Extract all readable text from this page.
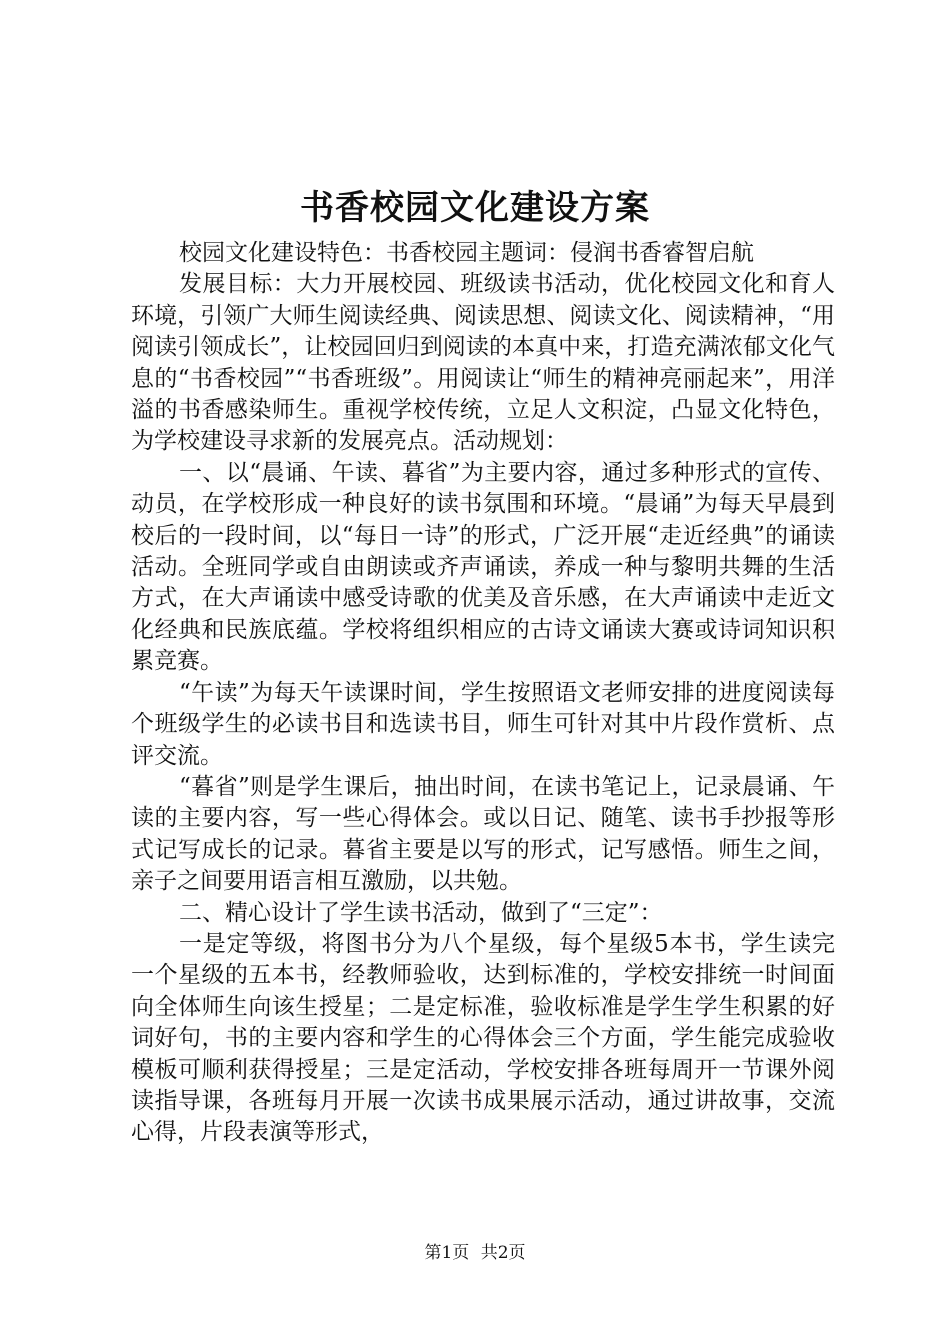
书香校园文化建设方案

校园文化建设特色：书香校园主题词：侵润书香睿智启航

发展目标：大力开展校园、班级读书活动，优化校园文化和育人环境，引领广大师生阅读经典、阅读思想、阅读文化、阅读精神，“用阅读引领成长”，让校园回归到阅读的本真中来，打造充满浓郁文化气息的“书香校园”“书香班级”。用阅读让“师生的精神亮丽起来”，用洋溢的书香感染师生。重视学校传统，立足人文积淀，凸显文化特色，为学校建设寻求新的发展亮点。活动规划：

一、以“晨诵、午读、暮省”为主要内容，通过多种形式的宣传、动员，在学校形成一种良好的读书氛围和环境。“晨诵”为每天早晨到校后的一段时间，以“每日一诗”的形式，广泛开展“走近经典”的诵读活动。全班同学或自由朗读或齐声诵读，养成一种与黎明共舞的生活方式，在大声诵读中感受诗歌的优美及音乐感，在大声诵读中走近文化经典和民族底蕴。学校将组织相应的古诗文诵读大赛或诗词知识积累竞赛。

“午读”为每天午读课时间，学生按照语文老师安排的进度阅读每个班级学生的必读书目和选读书目，师生可针对其中片段作赏析、点评交流。

“暮省”则是学生课后，抽出时间，在读书笔记上，记录晨诵、午读的主要内容，写一些心得体会。或以日记、随笔、读书手抄报等形式记写成长的记录。暮省主要是以写的形式，记写感悟。师生之间，亲子之间要用语言相互激励，以共勉。

二、精心设计了学生读书活动，做到了“三定”：

一是定等级，将图书分为八个星级，每个星级5本书，学生读完一个星级的五本书，经教师验收，达到标准的，学校安排统一时间面向全体师生向该生授星；二是定标准，验收标准是学生学生积累的好词好句，书的主要内容和学生的心得体会三个方面，学生能完成验收模板可顺利获得授星；三是定活动，学校安排各班每周开一节课外阅读指导课，各班每月开展一次读书成果展示活动，通过讲故事，交流心得，片段表演等形式，

第1页 共2页
